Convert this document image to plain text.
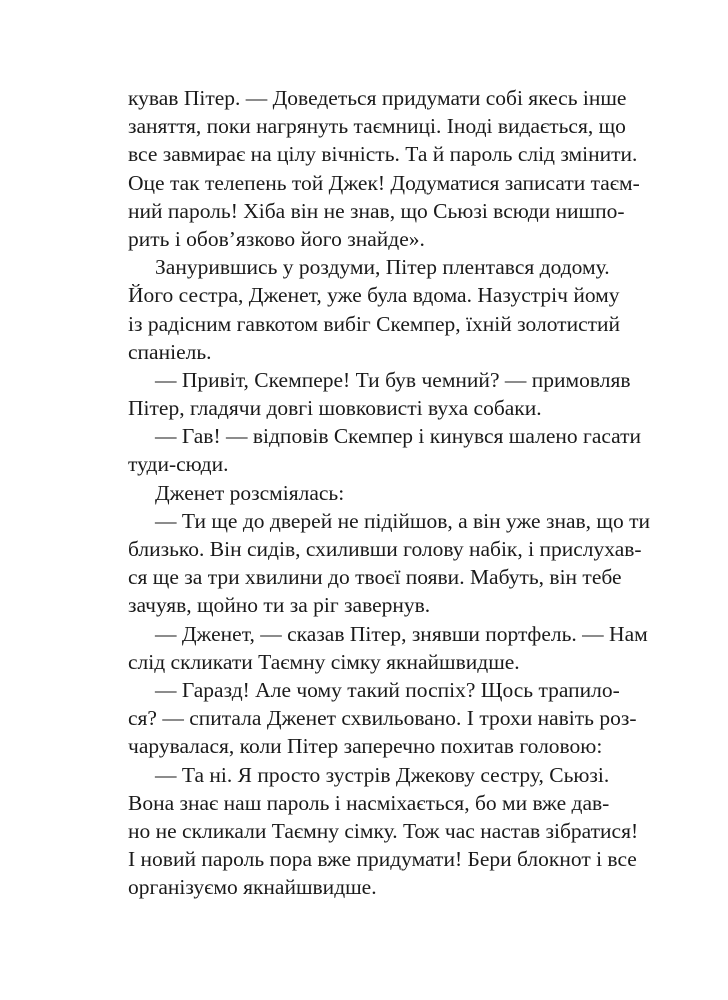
кував Пітер. — Доведеться придумати собі якесь інше
заняття, поки нагрянуть таємниці. Іноді видається, що
все завмирає на цілу вічність. Та й пароль слід змінити.
Оце так телепень той Джек! Додуматися записати таєм-
ний пароль! Хіба він не знав, що Сьюзі всюди нишпо-
рить і обов’язково його знайде».
Занурившись у роздуми, Пітер плентався додому.
Його сестра, Дженет, уже була вдома. Назустріч йому
із радісним гавкотом вибіг Скемпер, їхній золотистий
спаніель.
— Привіт, Скемпере! Ти був чемний? — примовляв
Пітер, гладячи довгі шовковисті вуха собаки.
— Гав! — відповів Скемпер і кинувся шалено гасати
туди-сюди.
Дженет розсміялась:
— Ти ще до дверей не підійшов, а він уже знав, що ти
близько. Він сидів, схиливши голову набік, і прислухав-
ся ще за три хвилини до твоєї появи. Мабуть, він тебе
зачуяв, щойно ти за ріг завернув.
— Дженет, — сказав Пітер, знявши портфель. — Нам
слід скликати Таємну сімку якнайшвидше.
— Гаразд! Але чому такий поспіх? Щось трапило-
ся? — спитала Дженет схвильовано. І трохи навіть роз-
чарувалася, коли Пітер заперечно похитав головою:
— Та ні. Я просто зустрів Джекову сестру, Сьюзі.
Вона знає наш пароль і насміхається, бо ми вже дав-
но не скликали Таємну сімку. Тож час настав зібратися!
І новий пароль пора вже придумати! Бери блокнот і все
організуємо якнайшвидше.
